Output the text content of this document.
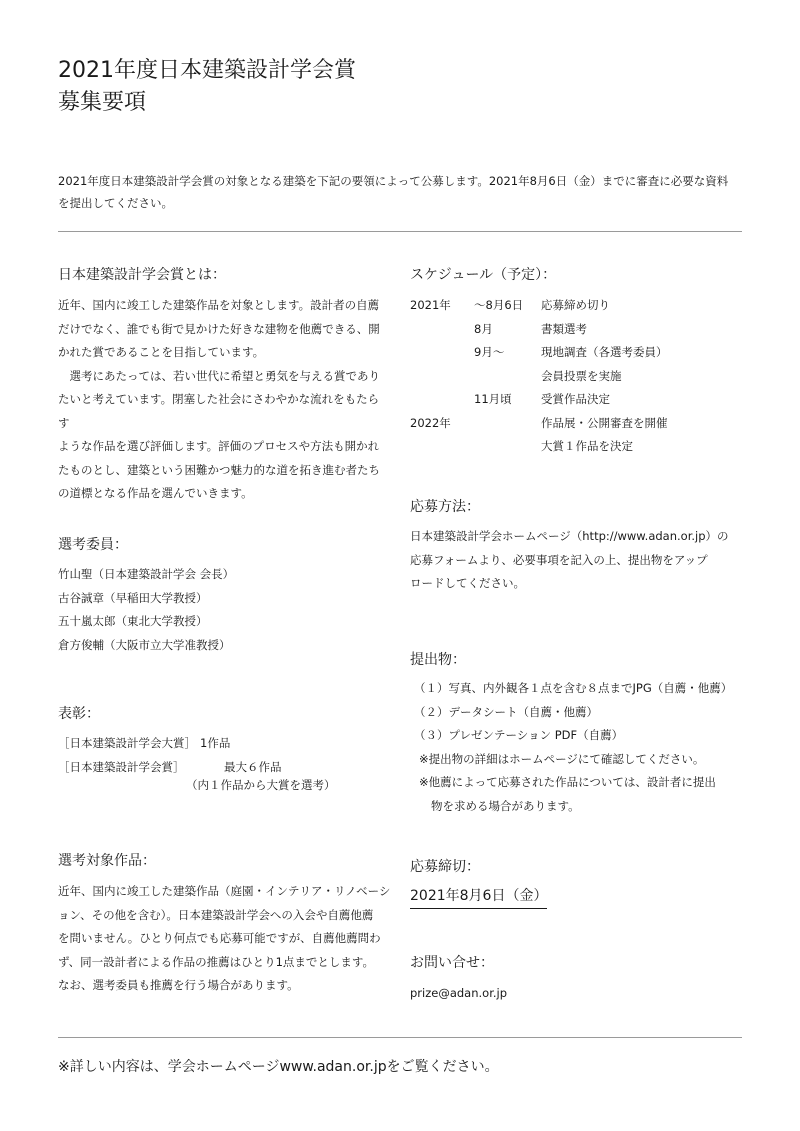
2021年度日本建築設計学会賞
募集要項
2021年度日本建築設計学会賞の対象となる建築を下記の要領によって公募します。2021年8月6日（金）までに審査に必要な資料
を提出してください。
日本建築設計学会賞とは：
近年、国内に竣工した建築作品を対象とします。設計者の自薦
だけでなく、誰でも街で見かけた好きな建物を他薦できる、開
かれた賞であることを目指しています。
選考にあたっては、若い世代に希望と勇気を与える賞であり
たいと考えています。閉塞した社会にさわやかな流れをもたらす
ような作品を選び評価します。評価のプロセスや方法も開かれ
たものとし、建築という困難かつ魅力的な道を拓き進む者たち
の道標となる作品を選んでいきます。
選考委員：
竹山聖（日本建築設計学会 会長）
古谷誠章（早稲田大学教授）
五十嵐太郎（東北大学教授）
倉方俊輔（大阪市立大学准教授）
表彰：
［日本建築設計学会大賞］ 1作品
［日本建築設計学会賞］	最大６作品
（内１作品から大賞を選考）
選考対象作品：
近年、国内に竣工した建築作品（庭園・インテリア・リノベーシ
ョン、その他を含む）。日本建築設計学会への入会や自薦他薦
を問いません。ひとり何点でも応募可能ですが、自薦他薦問わ
ず、同一設計者による作品の推薦はひとり1点までとします。
なお、選考委員も推薦を行う場合があります。
スケジュール（予定）：
2021年 ～8月6日 応募締め切り
8月	書類選考
9月～	現地調査（各選考委員）
会員投票を実施
11月頃	受賞作品決定
2022年	作品展・公開審査を開催
大賞１作品を決定
応募方法：
日本建築設計学会ホームページ（http://www.adan.or.jp）の
応募フォームより、必要事項を記入の上、提出物をアップ
ロードしてください。
提出物：
（１）写真、内外観各１点を含む８点までJPG（自薦・他薦）
（２）データシート（自薦・他薦）
（３）プレゼンテーション PDF（自薦）
※提出物の詳細はホームページにて確認してください。
※他薦によって応募された作品については、設計者に提出
物を求める場合があります。
応募締切：
2021年8月6日（金）
お問い合せ：
prize@adan.or.jp
※詳しい内容は、学会ホームページwww.adan.or.jpをご覧ください。
